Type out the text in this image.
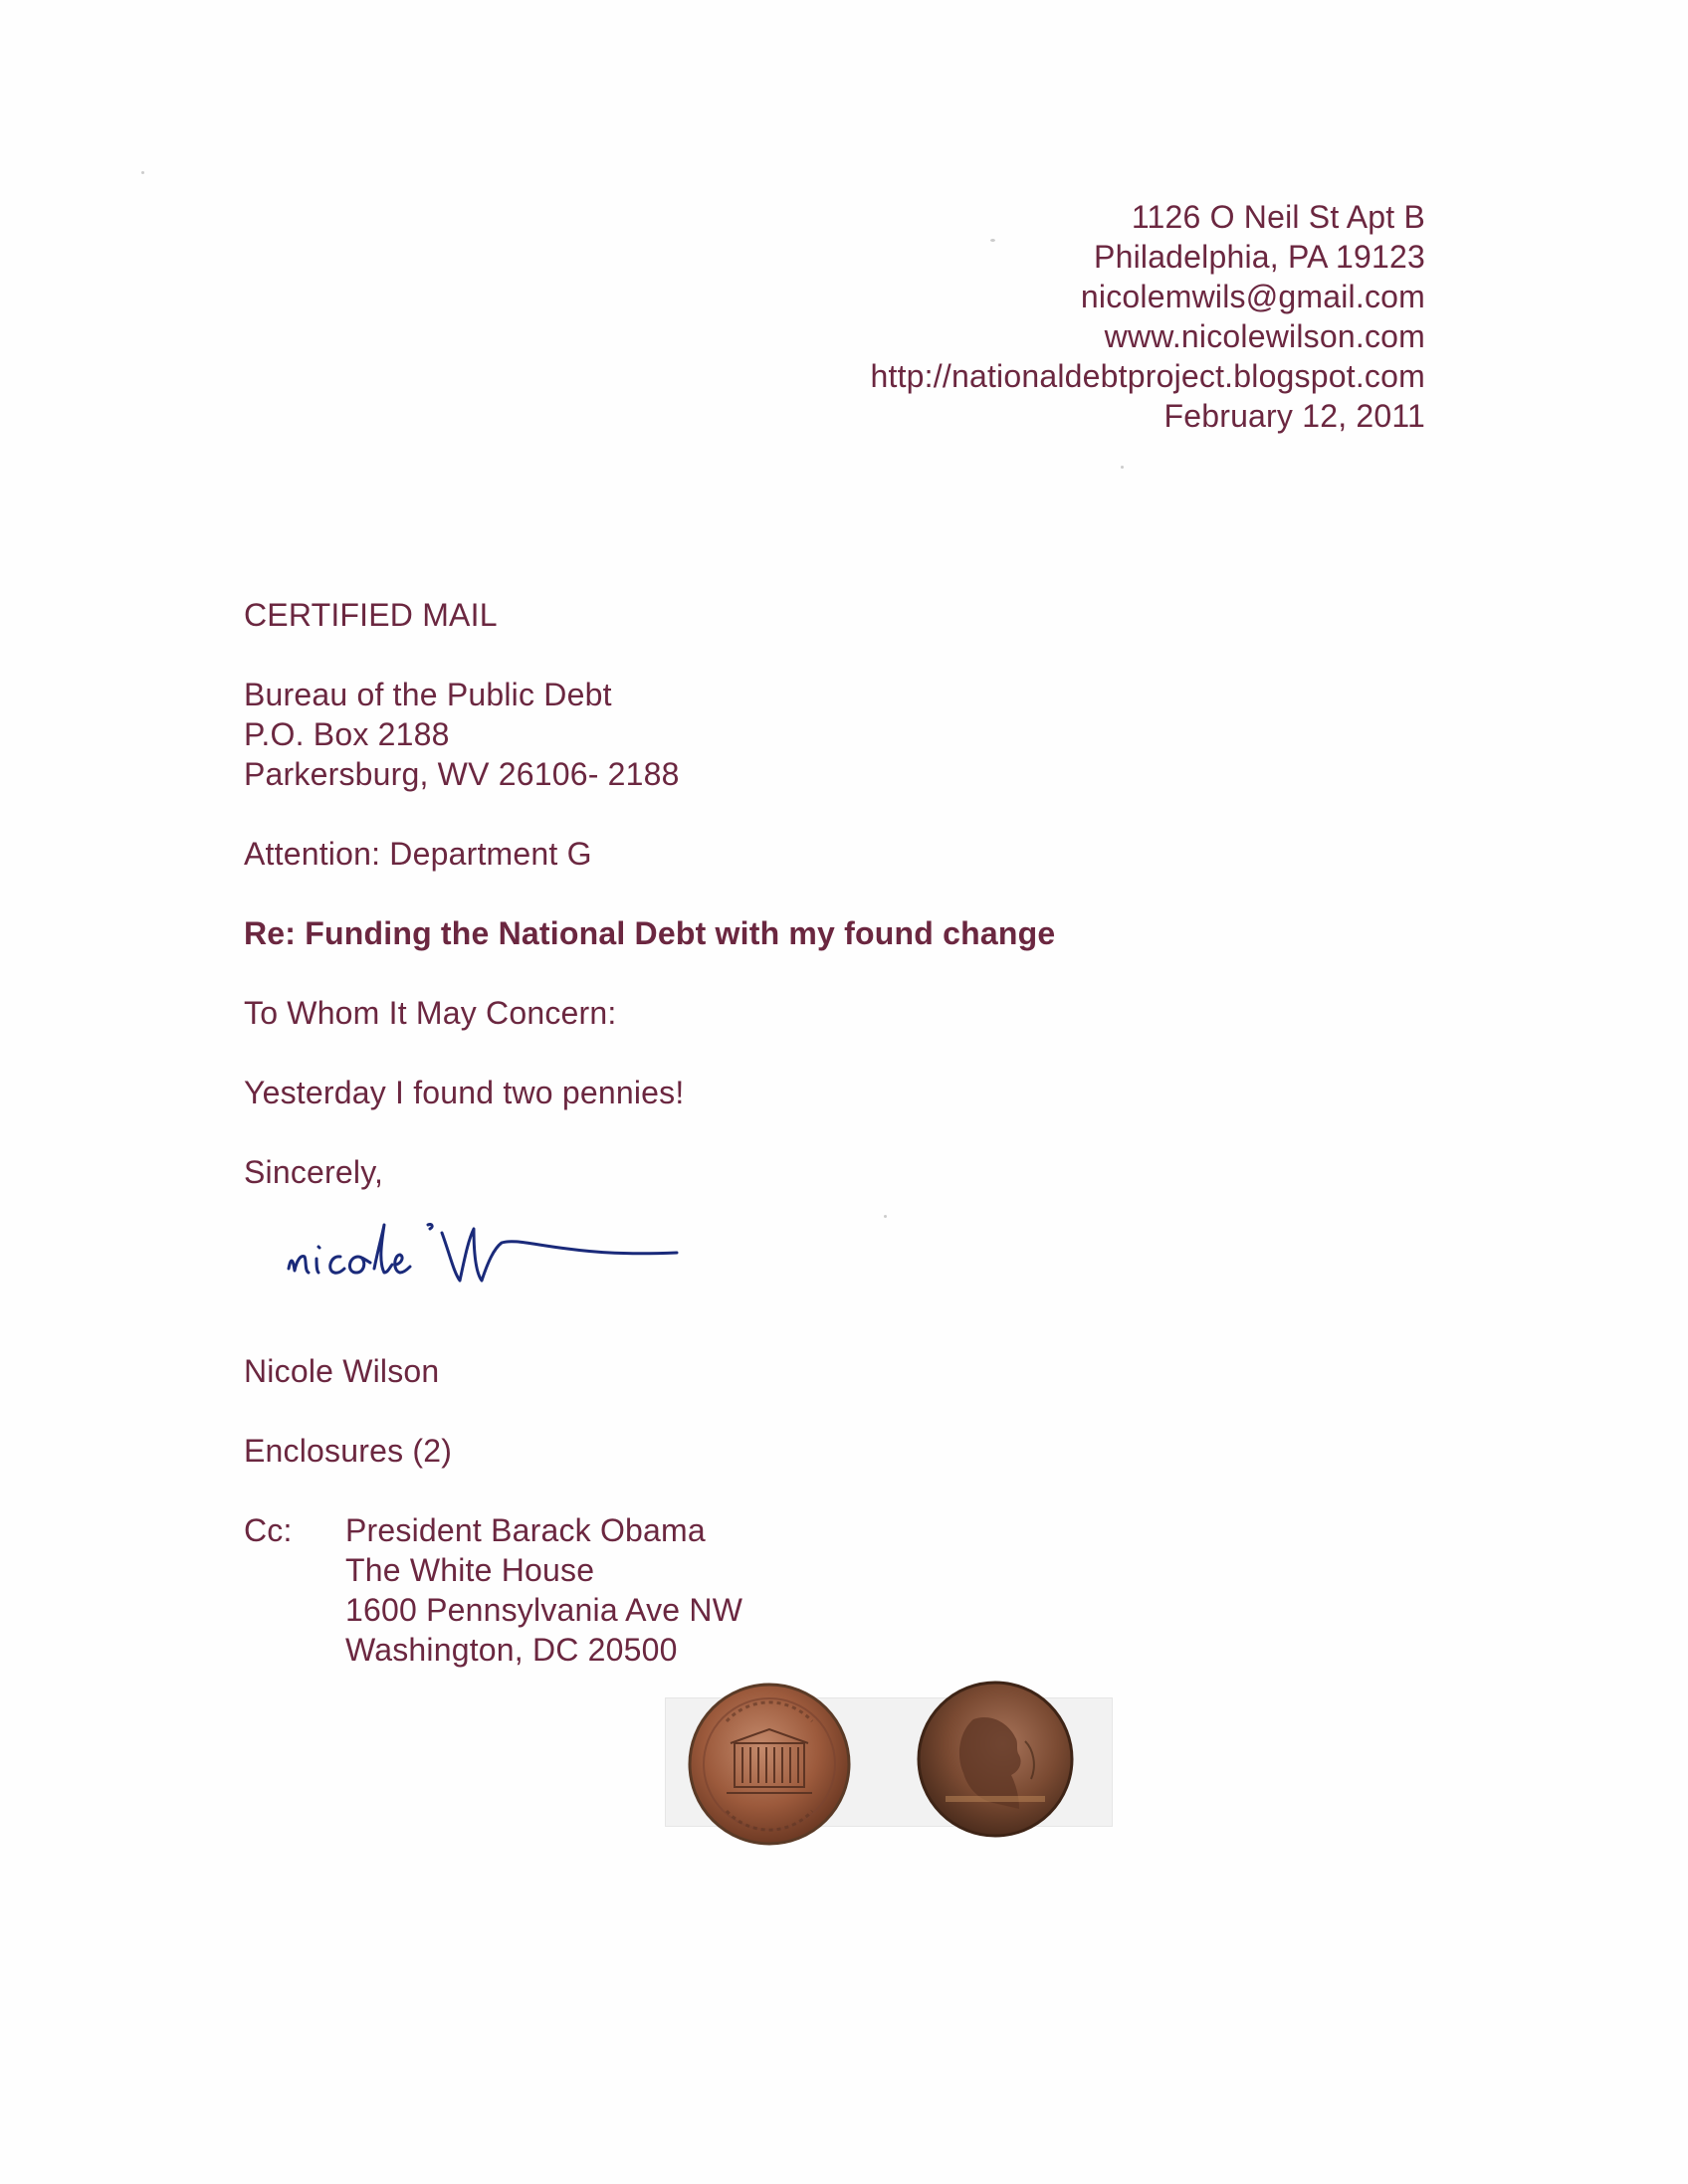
1126 O Neil St Apt B
Philadelphia, PA 19123
nicolemwils@gmail.com
www.nicolewilson.com
http://nationaldebtproject.blogspot.com
February 12, 2011
CERTIFIED MAIL
Bureau of the Public Debt
P.O. Box 2188
Parkersburg, WV 26106- 2188
Attention: Department G
Re: Funding the National Debt with my found change
To Whom It May Concern:
Yesterday I found two pennies!
Sincerely,
Nicole Wilson
Enclosures (2)
Cc: President Barack Obama
The White House
1600 Pennsylvania Ave NW
Washington, DC 20500
